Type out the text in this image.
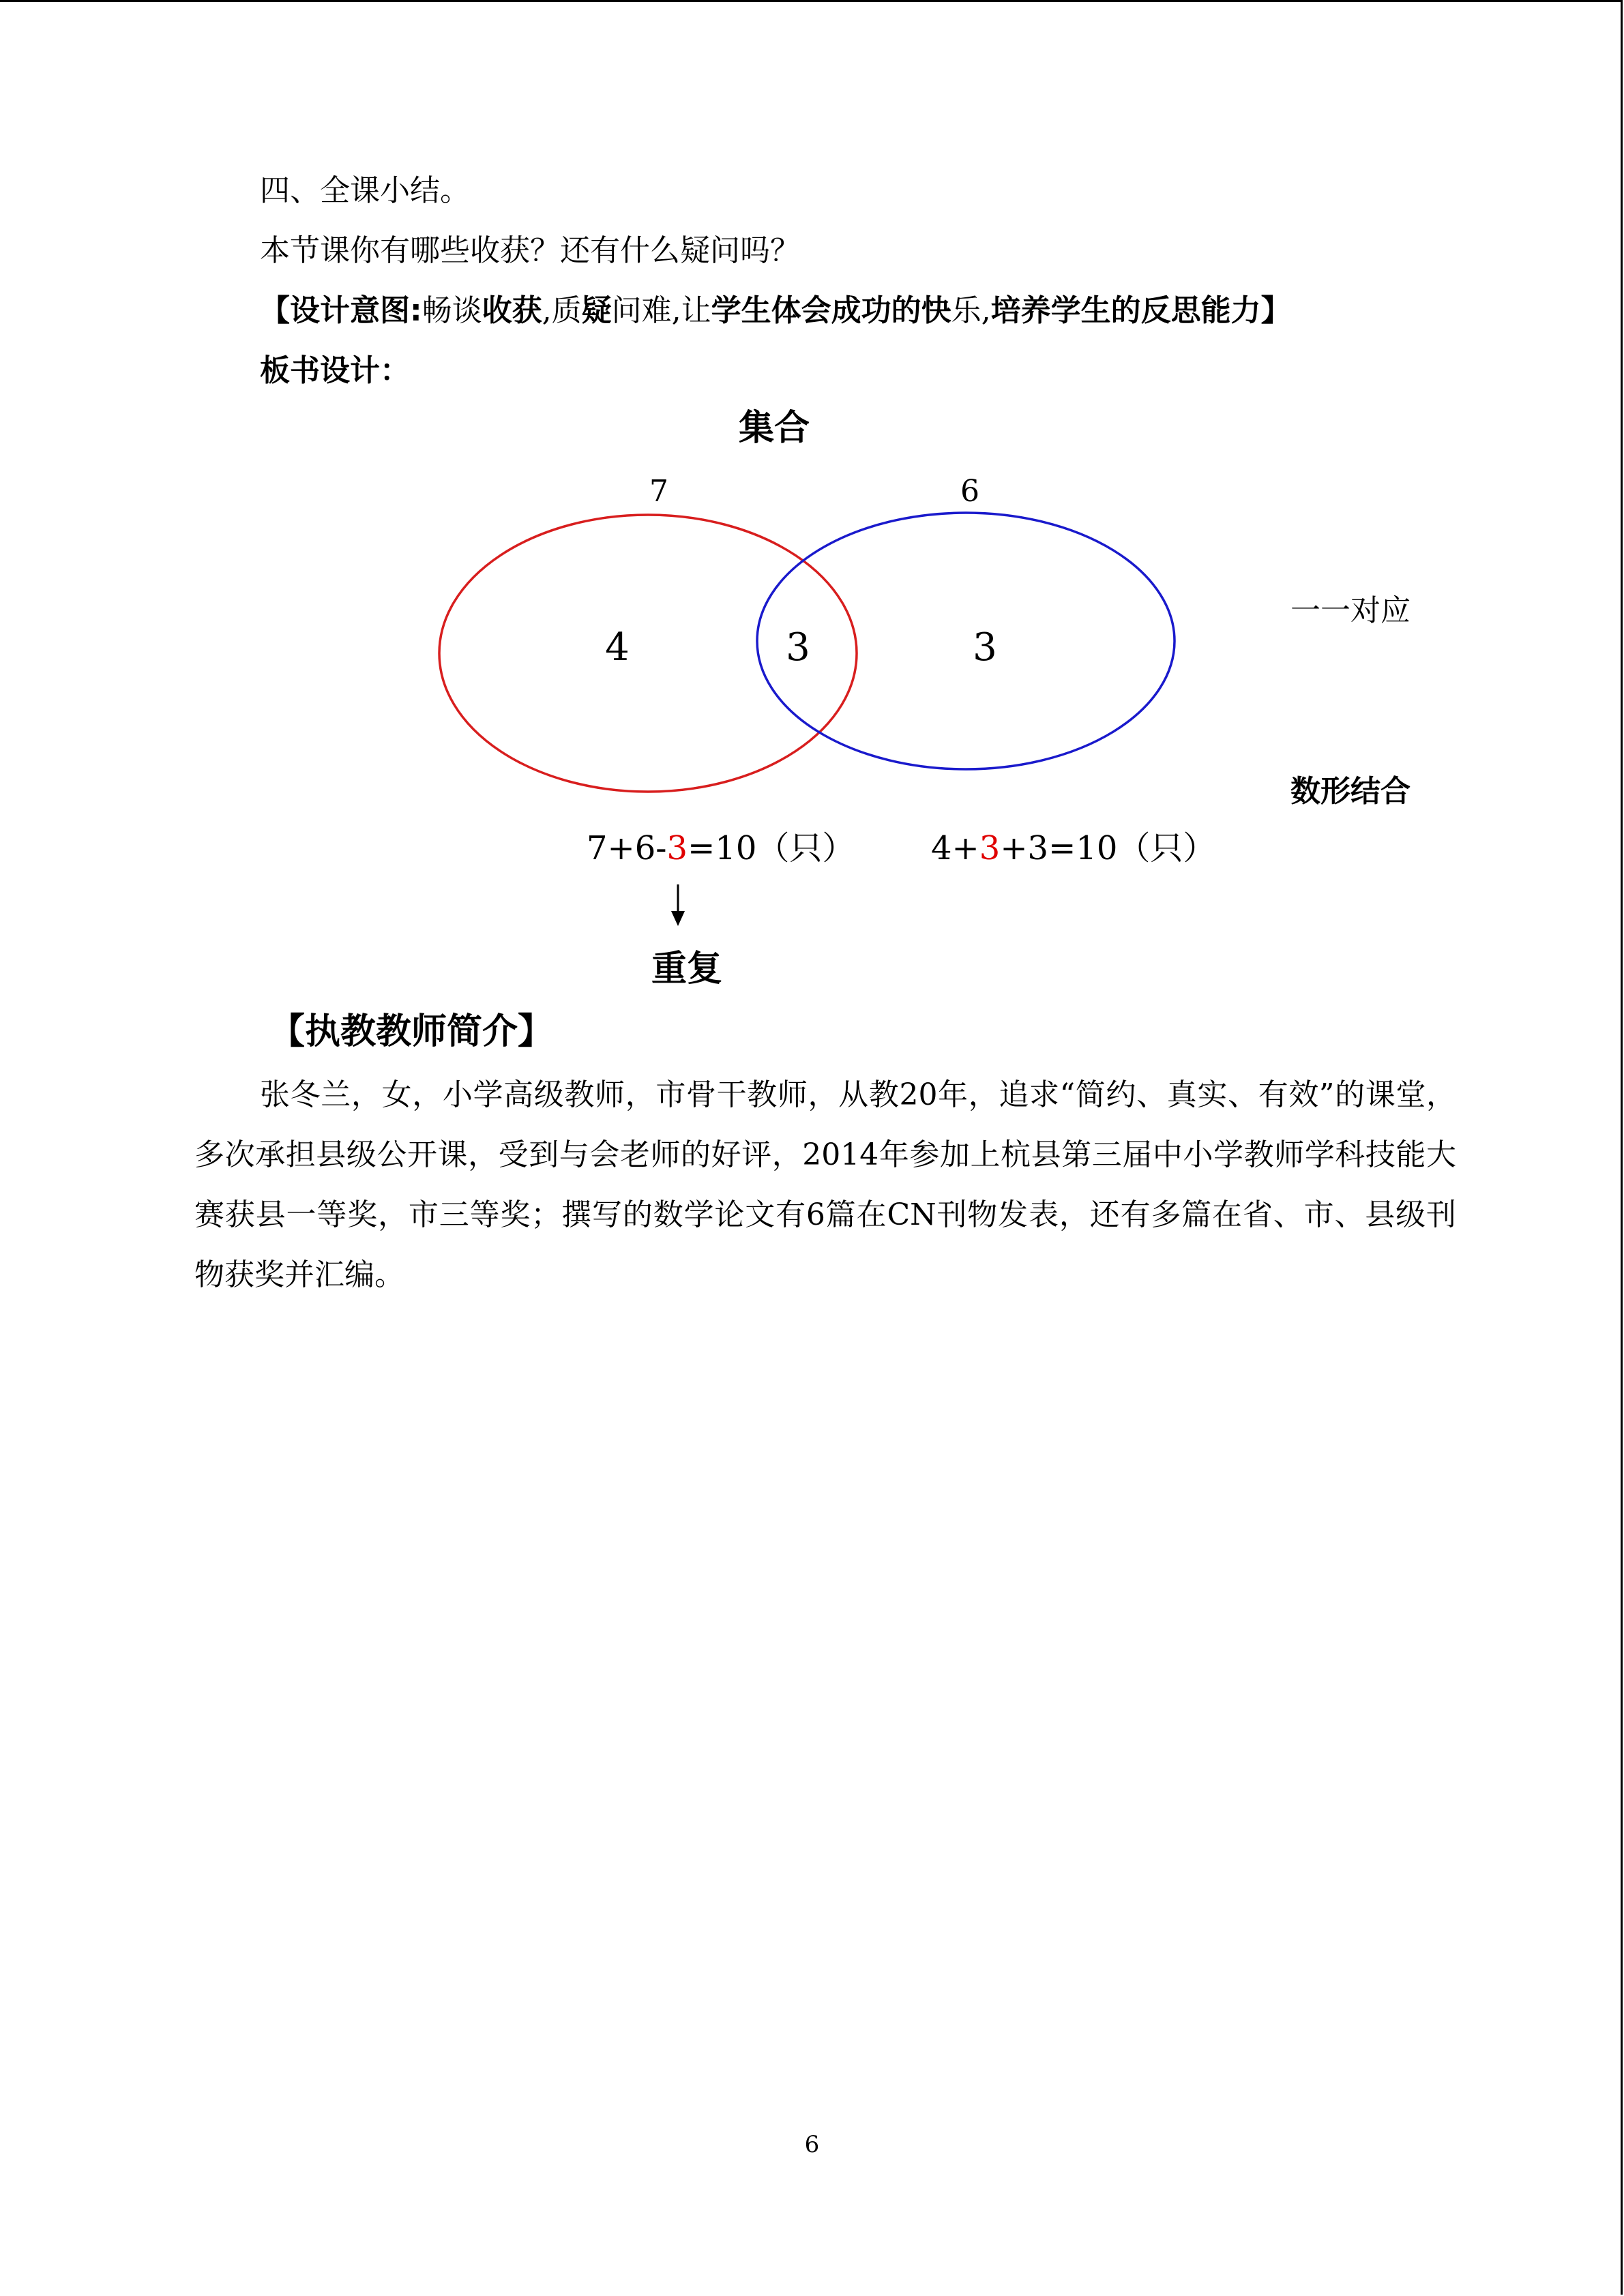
四、全课小结。
本节课你有哪些收获？还有什么疑问吗？
【设计意图:畅谈收获,质疑问难,让学生体会成功的快乐,培养学生的反思能力】
板书设计：
集合
7	6
4	3	3
一一对应
数形结合
7+6-3=10（只） 4+3+3=10（只）
重复
【执教教师简介】
张冬兰，女，小学高级教师，市骨干教师，从教20年，追求“简约、真实、有效”的课堂，多次承担县级公开课，受到与会老师的好评，2014年参加上杭县第三届中小学教师学科技能大赛获县一等奖，市三等奖；撰写的数学论文有6篇在CN刊物发表，还有多篇在省、市、县级刊物获奖并汇编。
6
